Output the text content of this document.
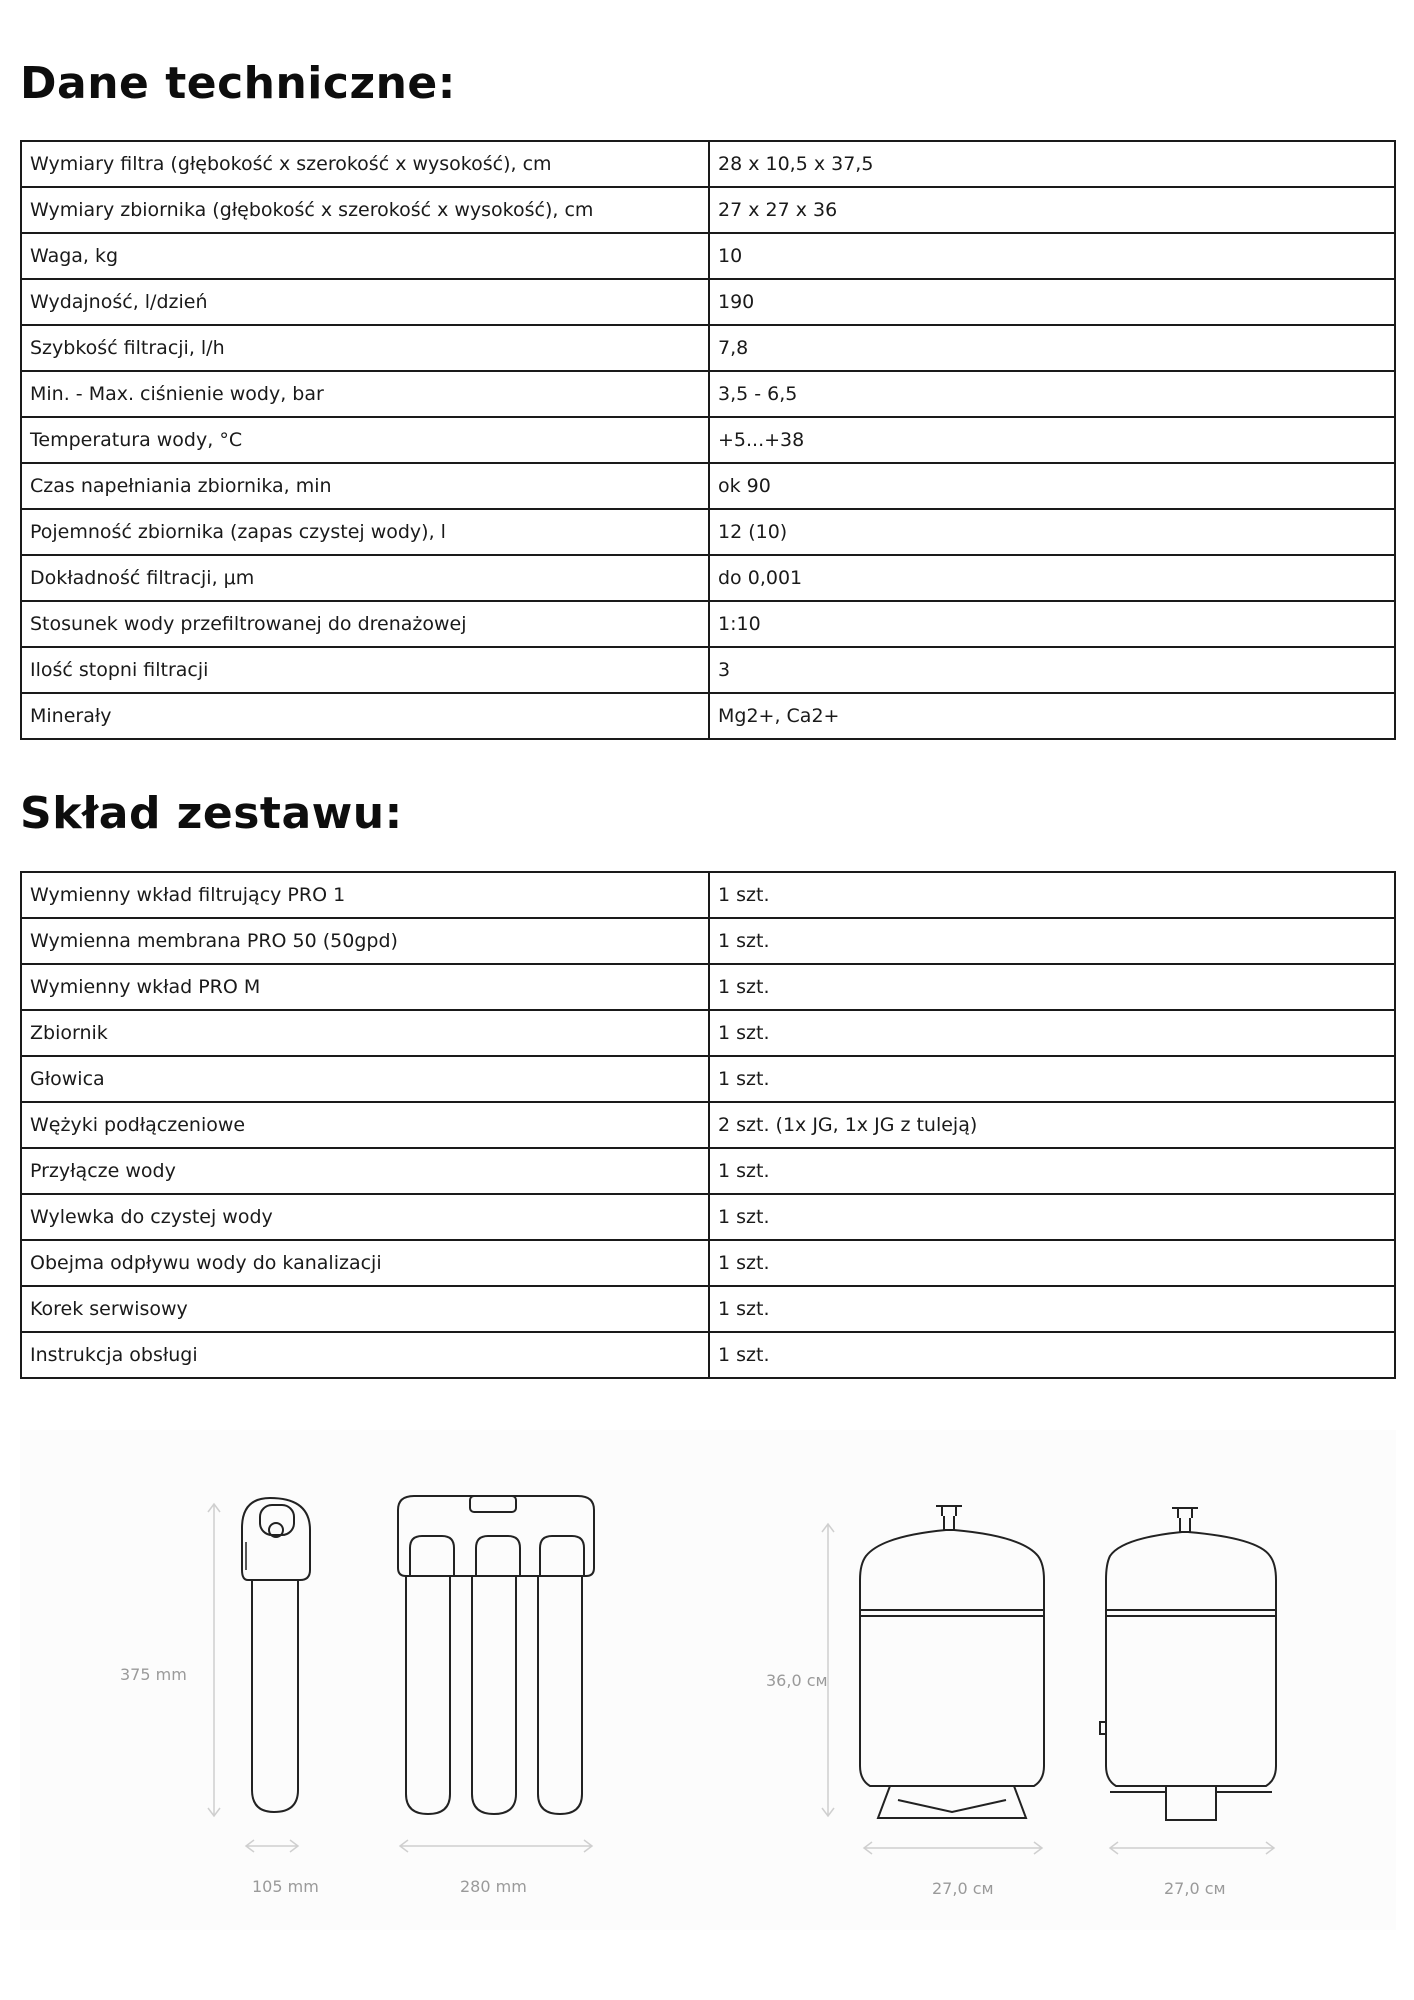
Dane techniczne:
Wymiary filtra (głębokość x szerokość x wysokość), cm	28 x 10,5 x 37,5
Wymiary zbiornika (głębokość x szerokość x wysokość), cm	27 x 27 x 36
Waga, kg	10
Wydajność, l/dzień	190
Szybkość filtracji, l/h	7,8
Min. - Max. ciśnienie wody, bar	3,5 - 6,5
Temperatura wody, °C	+5...+38
Czas napełniania zbiornika, min	ok 90
Pojemność zbiornika (zapas czystej wody), l	12 (10)
Dokładność filtracji, μm	do 0,001
Stosunek wody przefiltrowanej do drenażowej	1:10
Ilość stopni filtracji	3
Minerały	Mg2+, Ca2+
Skład zestawu:
Wymienny wkład filtrujący PRO 1	1 szt.
Wymienna membrana PRO 50 (50gpd)	1 szt.
Wymienny wkład PRO M	1 szt.
Zbiornik	1 szt.
Głowica	1 szt.
Wężyki podłączeniowe	2 szt. (1x JG, 1x JG z tuleją)
Przyłącze wody	1 szt.
Wylewka do czystej wody	1 szt.
Obejma odpływu wody do kanalizacji	1 szt.
Korek serwisowy	1 szt.
Instrukcja obsługi	1 szt.
375 mm
105 mm	280 mm
36,0 см
27,0 см	27,0 см
